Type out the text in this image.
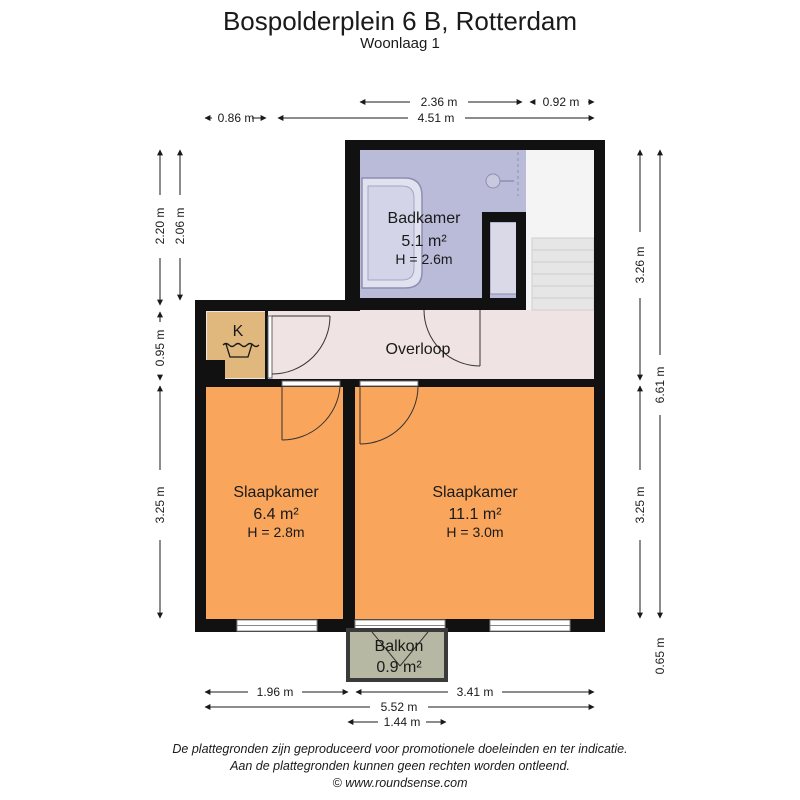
Bospolderplein 6 B, Rotterdam
Woonlaag 1
K
Badkamer
5.1 m²
H = 2.6m
Overloop
Slaapkamer
6.4 m²
H = 2.8m
Slaapkamer
11.1 m²
H = 3.0m
Balkon
0.9 m²
2.36 m	0.92 m
0.86 m	4.51 m
2.20 m 2.06 m
0.95 m
3.25 m
3.26 m
6.61 m
3.25 m
0.65 m
1.96 m	3.41 m
5.52 m
1.44 m
De plattegronden zijn geproduceerd voor promotionele doeleinden en ter indicatie.
Aan de plattegronden kunnen geen rechten worden ontleend.
© www.roundsense.com
